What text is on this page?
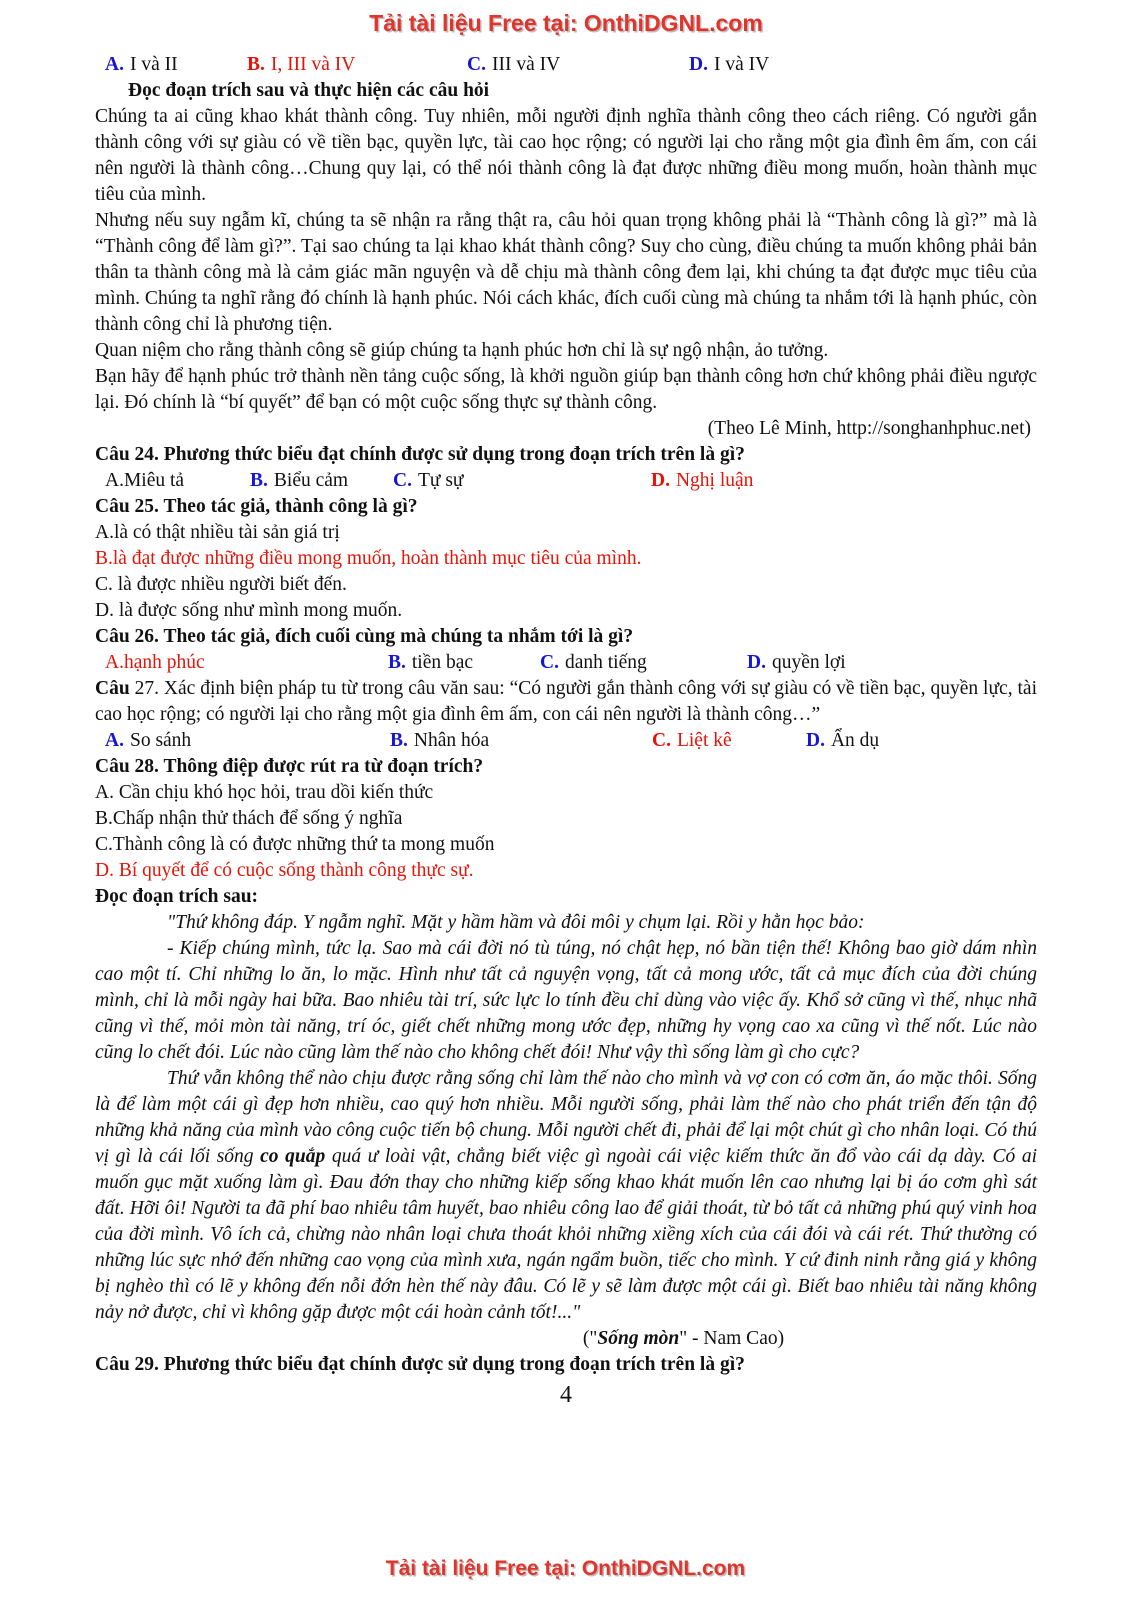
Tải tài liệu Free tại: OnthiDGNL.com
A. I và II	B. I, III và IV	C. III và IV	D. I và IV
Đọc đoạn trích sau và thực hiện các câu hỏi

Chúng ta ai cũng khao khát thành công. Tuy nhiên, mỗi người định nghĩa thành công theo cách riêng. Có người gắn thành công với sự giàu có về tiền bạc, quyền lực, tài cao học rộng; có người lại cho rằng một gia đình êm ấm, con cái nên người là thành công…Chung quy lại, có thể nói thành công là đạt được những điều mong muốn, hoàn thành mục tiêu của mình.

Nhưng nếu suy ngẫm kĩ, chúng ta sẽ nhận ra rằng thật ra, câu hỏi quan trọng không phải là “Thành công là gì?” mà là “Thành công để làm gì?”. Tại sao chúng ta lại khao khát thành công? Suy cho cùng, điều chúng ta muốn không phải bản thân ta thành công mà là cảm giác mãn nguyện và dễ chịu mà thành công đem lại, khi chúng ta đạt được mục tiêu của mình. Chúng ta nghĩ rằng đó chính là hạnh phúc. Nói cách khác, đích cuối cùng mà chúng ta nhắm tới là hạnh phúc, còn thành công chỉ là phương tiện.

Quan niệm cho rằng thành công sẽ giúp chúng ta hạnh phúc hơn chỉ là sự ngộ nhận, ảo tưởng.

Bạn hãy để hạnh phúc trở thành nền tảng cuộc sống, là khởi nguồn giúp bạn thành công hơn chứ không phải điều ngược lại. Đó chính là “bí quyết” để bạn có một cuộc sống thực sự thành công.

(Theo Lê Minh, http://songhanhphuc.net)
Câu 24. Phương thức biểu đạt chính được sử dụng trong đoạn trích trên là gì?
A.Miêu tả	B. Biểu cảm	C. Tự sự	D. Nghị luận
Câu 25. Theo tác giả, thành công là gì?
A.là có thật nhiều tài sản giá trị
B.là đạt được những điều mong muốn, hoàn thành mục tiêu của mình.
C. là được nhiều người biết đến.
D. là được sống như mình mong muốn.
Câu 26. Theo tác giả, đích cuối cùng mà chúng ta nhắm tới là gì?
A.hạnh phúc	B. tiền bạc	C. danh tiếng	D. quyền lợi

Câu 27. Xác định biện pháp tu từ trong câu văn sau: “Có người gắn thành công với sự giàu có về tiền bạc, quyền lực, tài cao học rộng; có người lại cho rằng một gia đình êm ấm, con cái nên người là thành công…”

A. So sánh	B. Nhân hóa	C. Liệt kê	D. Ẩn dụ
Câu 28. Thông điệp được rút ra từ đoạn trích?
A. Cần chịu khó học hỏi, trau dồi kiến thức
B.Chấp nhận thử thách để sống ý nghĩa
C.Thành công là có được những thứ ta mong muốn
D. Bí quyết để có cuộc sống thành công thực sự.
Đọc đoạn trích sau:

"Thứ không đáp. Y ngẫm nghĩ. Mặt y hầm hầm và đôi môi y chụm lại. Rồi y hằn học bảo:

- Kiếp chúng mình, tức lạ. Sao mà cái đời nó tù túng, nó chật hẹp, nó bần tiện thế! Không bao giờ dám nhìn cao một tí. Chỉ những lo ăn, lo mặc. Hình như tất cả nguyện vọng, tất cả mong ước, tất cả mục đích của đời chúng mình, chỉ là mỗi ngày hai bữa. Bao nhiêu tài trí, sức lực lo tính đều chỉ dùng vào việc ấy. Khổ sở cũng vì thế, nhục nhã cũng vì thế, mỏi mòn tài năng, trí óc, giết chết những mong ước đẹp, những hy vọng cao xa cũng vì thế nốt. Lúc nào cũng lo chết đói. Lúc nào cũng làm thế nào cho không chết đói! Như vậy thì sống làm gì cho cực?

Thứ vẫn không thể nào chịu được rằng sống chỉ làm thế nào cho mình và vợ con có cơm ăn, áo mặc thôi. Sống là để làm một cái gì đẹp hơn nhiều, cao quý hơn nhiều. Mỗi người sống, phải làm thế nào cho phát triển đến tận độ những khả năng của mình vào công cuộc tiến bộ chung. Mỗi người chết đi, phải để lại một chút gì cho nhân loại. Có thú vị gì là cái lối sống co quắp quá ư loài vật, chẳng biết việc gì ngoài cái việc kiếm thức ăn đổ vào cái dạ dày. Có ai muốn gục mặt xuống làm gì. Đau đớn thay cho những kiếp sống khao khát muốn lên cao nhưng lại bị áo cơm ghì sát đất. Hỡi ôi! Người ta đã phí bao nhiêu tâm huyết, bao nhiêu công lao để giải thoát, từ bỏ tất cả những phú quý vinh hoa của đời mình. Vô ích cả, chừng nào nhân loại chưa thoát khỏi những xiềng xích của cái đói và cái rét. Thứ thường có những lúc sực nhớ đến những cao vọng của mình xưa, ngán ngẩm buồn, tiếc cho mình. Y cứ đinh ninh rằng giá y không bị nghèo thì có lẽ y không đến nỗi đớn hèn thế này đâu. Có lẽ y sẽ làm được một cái gì. Biết bao nhiêu tài năng không nảy nở được, chỉ vì không gặp được một cái hoàn cảnh tốt!..."

("Sống mòn" - Nam Cao)
Câu 29. Phương thức biểu đạt chính được sử dụng trong đoạn trích trên là gì?
4
Tải tài liệu Free tại: OnthiDGNL.com
